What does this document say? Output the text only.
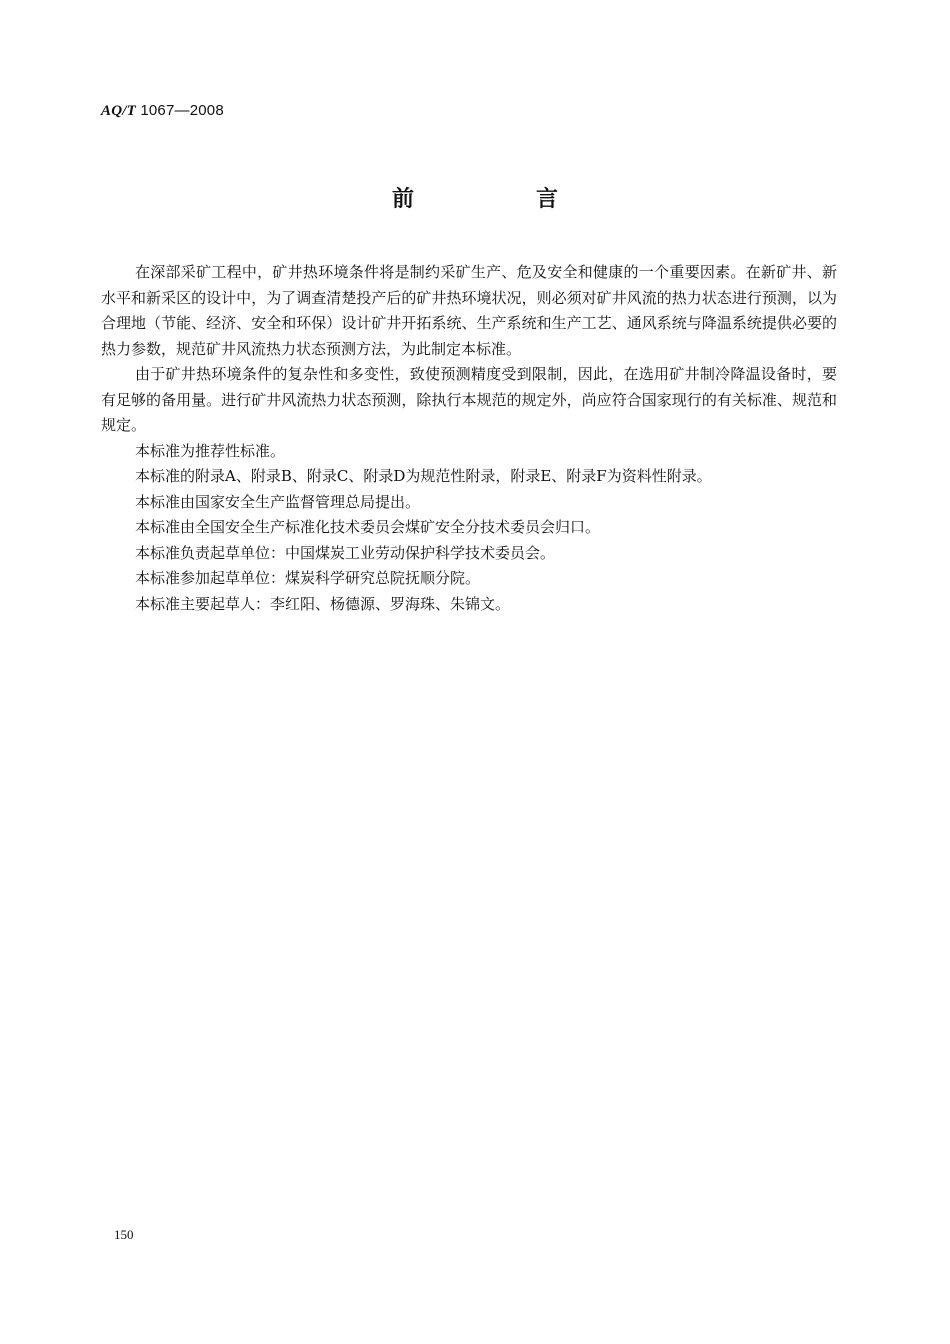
AQ/T 1067—2008
前　言

在深部采矿工程中，矿井热环境条件将是制约采矿生产、危及安全和健康的一个重要因素。在新矿井、新水平和新采区的设计中，为了调查清楚投产后的矿井热环境状况，则必须对矿井风流的热力状态进行预测，以为合理地（节能、经济、安全和环保）设计矿井开拓系统、生产系统和生产工艺、通风系统与降温系统提供必要的热力参数，规范矿井风流热力状态预测方法，为此制定本标准。

由于矿井热环境条件的复杂性和多变性，致使预测精度受到限制，因此，在选用矿井制冷降温设备时，要有足够的备用量。进行矿井风流热力状态预测，除执行本规范的规定外，尚应符合国家现行的有关标准、规范和规定。

本标准为推荐性标准。

本标准的附录A、附录B、附录C、附录D为规范性附录，附录E、附录F为资料性附录。

本标准由国家安全生产监督管理总局提出。

本标准由全国安全生产标准化技术委员会煤矿安全分技术委员会归口。

本标准负责起草单位：中国煤炭工业劳动保护科学技术委员会。

本标准参加起草单位：煤炭科学研究总院抚顺分院。

本标准主要起草人：李红阳、杨德源、罗海珠、朱锦文。

150
